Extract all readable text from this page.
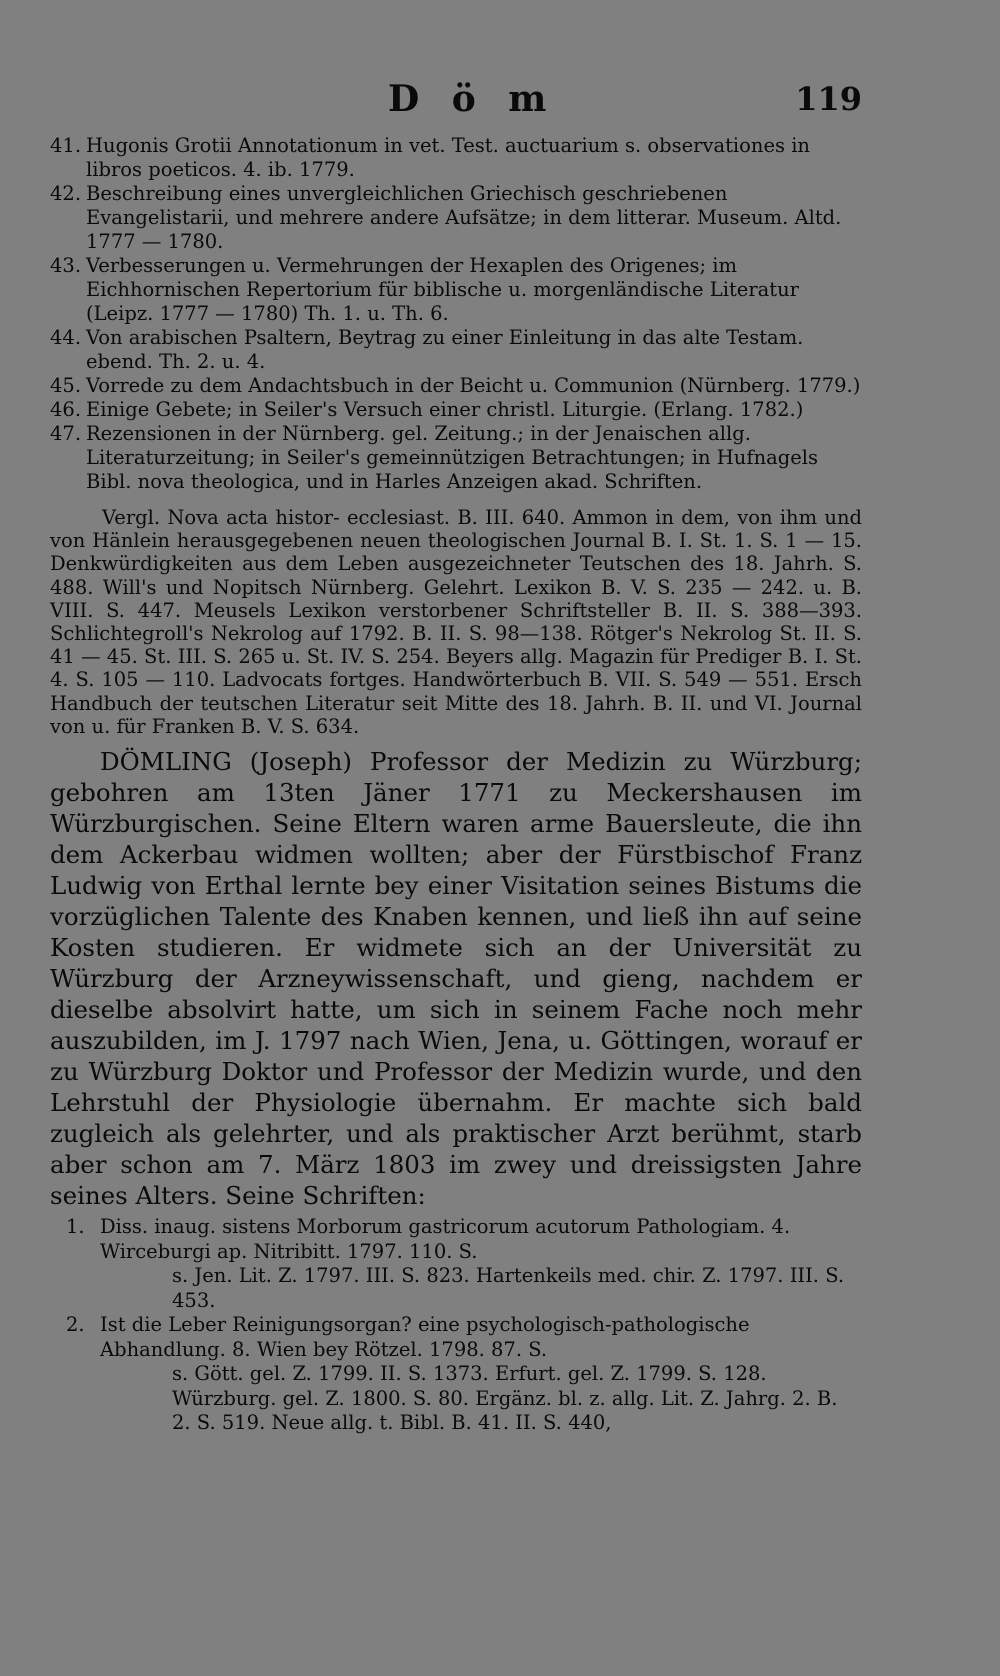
D ö m	119
41. Hugonis Grotii Annotationum in vet. Test. auctuarium s. observationes in libros poeticos. 4. ib. 1779.
42. Beschreibung eines unvergleichlichen Griechisch geschriebenen Evangelistarii, und mehrere andere Aufsätze; in dem litterar. Museum. Altd. 1777 — 1780.
43. Verbesserungen u. Vermehrungen der Hexaplen des Origenes; im Eichhornischen Repertorium für biblische u. morgenländische Literatur (Leipz. 1777 — 1780) Th. 1. u. Th. 6.
44. Von arabischen Psaltern, Beytrag zu einer Einleitung in das alte Testam. ebend. Th. 2. u. 4.
45. Vorrede zu dem Andachtsbuch in der Beicht u. Communion (Nürnberg. 1779.)
46. Einige Gebete; in Seiler's Versuch einer christl. Liturgie. (Erlang. 1782.)
47. Rezensionen in der Nürnberg. gel. Zeitung.; in der Jenaischen allg. Literaturzeitung; in Seiler's gemeinnützigen Betrachtungen; in Hufnagels Bibl. nova theologica, und in Harles Anzeigen akad. Schriften.

Vergl. Nova acta histor- ecclesiast. B. III. 640. Ammon in dem, von ihm und von Hänlein herausgegebenen neuen theologischen Journal B. I. St. 1. S. 1 — 15. Denkwürdigkeiten aus dem Leben ausgezeichneter Teutschen des 18. Jahrh. S. 488. Will's und Nopitsch Nürnberg. Gelehrt. Lexikon B. V. S. 235 — 242. u. B. VIII. S. 447. Meusels Lexikon verstorbener Schriftsteller B. II. S. 388—393. Schlichtegroll's Nekrolog auf 1792. B. II. S. 98—138. Rötger's Nekrolog St. II. S. 41 — 45. St. III. S. 265 u. St. IV. S. 254. Beyers allg. Magazin für Prediger B. I. St. 4. S. 105 — 110. Ladvocats fortges. Handwörterbuch B. VII. S. 549 — 551. Ersch Handbuch der teutschen Literatur seit Mitte des 18. Jahrh. B. II. und VI. Journal von u. für Franken B. V. S. 634.

DÖMLING (Joseph) Professor der Medizin zu Würzburg; gebohren am 13ten Jäner 1771 zu Meckershausen im Würzburgischen. Seine Eltern waren arme Bauersleute, die ihn dem Ackerbau widmen wollten; aber der Fürstbischof Franz Ludwig von Erthal lernte bey einer Visitation seines Bistums die vorzüglichen Talente des Knaben kennen, und ließ ihn auf seine Kosten studieren. Er widmete sich an der Universität zu Würzburg der Arzneywissenschaft, und gieng, nachdem er dieselbe absolvirt hatte, um sich in seinem Fache noch mehr auszubilden, im J. 1797 nach Wien, Jena, u. Göttingen, worauf er zu Würzburg Doktor und Professor der Medizin wurde, und den Lehrstuhl der Physiologie übernahm. Er machte sich bald zugleich als gelehrter, und als praktischer Arzt berühmt, starb aber schon am 7. März 1803 im zwey und dreissigsten Jahre seines Alters. Seine Schriften:

1. Diss. inaug. sistens Morborum gastricorum acutorum Pathologiam. 4. Wirceburgi ap. Nitribitt. 1797. 110. S.
s. Jen. Lit. Z. 1797. III. S. 823. Hartenkeils med. chir. Z. 1797. III. S. 453.
2. Ist die Leber Reinigungsorgan? eine psychologisch-pathologische Abhandlung. 8. Wien bey Rötzel. 1798. 87. S.
s. Gött. gel. Z. 1799. II. S. 1373. Erfurt. gel. Z. 1799. S. 128. Würzburg. gel. Z. 1800. S. 80. Ergänz. bl. z. allg. Lit. Z. Jahrg. 2. B. 2. S. 519. Neue allg. t. Bibl. B. 41. II. S. 440,
